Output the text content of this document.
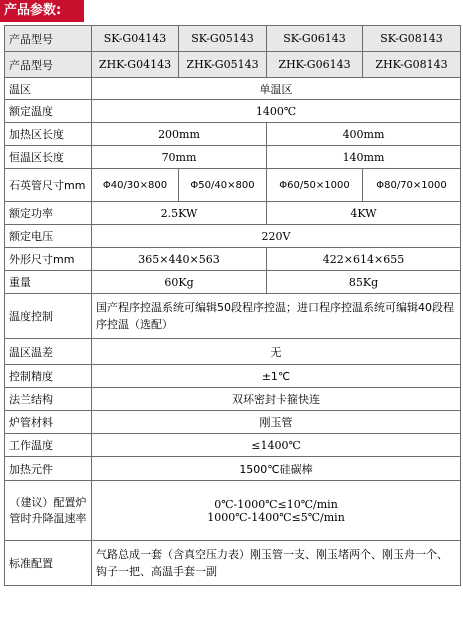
产品参数:
产品型号	SK-G04143	SK-G05143	SK-G06143	SK-G08143
产品型号	ZHK-G04143	ZHK-G05143	ZHK-G06143	ZHK-G08143
温区	单温区			
额定温度	1400℃			
加热区长度	200mm		400mm	
恒温区长度	70mm		140mm	
石英管尺寸mm	Φ40/30×800	Φ50/40×800	Φ60/50×1000	Φ80/70×1000
额定功率	2.5KW		4KW	
额定电压	220V			
外形尺寸mm	365×440×563		422×614×655	
重量	60Kg		85Kg	
温度控制	国产程序控温系统可编辑50段程序控温；进口程序控温系统可编辑40段程序控温（选配）			
温区温差	无			
控制精度	±1℃			
法兰结构	双环密封卡箍快连			
炉管材料	刚玉管			
工作温度	≤1400℃			
加热元件	1500℃硅碳棒			
（建议）配置炉管时升降温速率	0℃-1000℃≤10℃/min
1000℃-1400℃≤5℃/min			

标准配置	气路总成一套（含真空压力表）刚玉管一支、刚玉堵两个、刚玉舟一个、钩子一把、高温手套一副			
